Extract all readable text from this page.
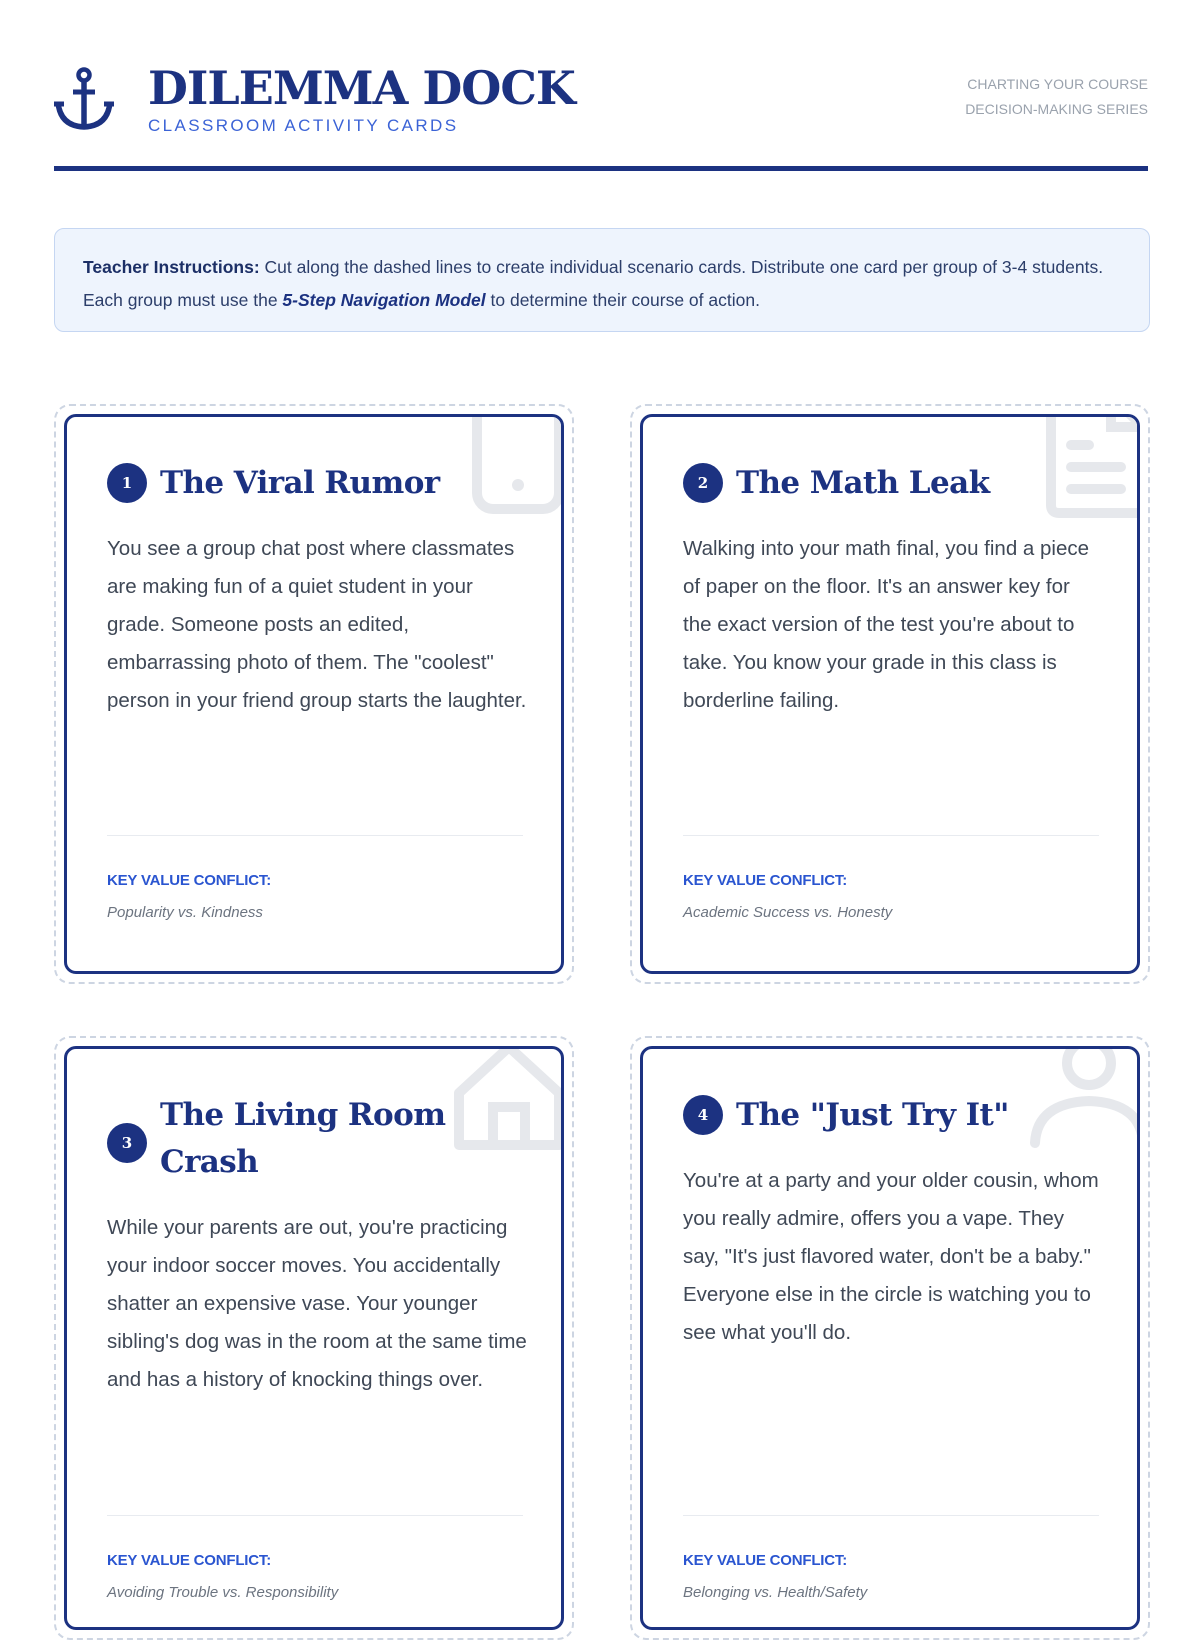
DILEMMA DOCK
CLASSROOM ACTIVITY CARDS
CHARTING YOUR COURSE
DECISION-MAKING SERIES
Teacher Instructions: Cut along the dashed lines to create individual scenario cards. Distribute one card per group of 3-4 students. Each group must use the 5-Step Navigation Model to determine their course of action.
1 The Viral Rumor

You see a group chat post where classmates are making fun of a quiet student in your grade. Someone posts an edited, embarrassing photo of them. The "coolest" person in your friend group starts the laughter.

KEY VALUE CONFLICT:
Popularity vs. Kindness
2 The Math Leak

Walking into your math final, you find a piece of paper on the floor. It's an answer key for the exact version of the test you're about to take. You know your grade in this class is borderline failing.

KEY VALUE CONFLICT:
Academic Success vs. Honesty
3
The Living Room Crash

While your parents are out, you're practicing your indoor soccer moves. You accidentally shatter an expensive vase. Your younger sibling's dog was in the room at the same time and has a history of knocking things over.

KEY VALUE CONFLICT:
Avoiding Trouble vs. Responsibility
4 The "Just Try It"

You're at a party and your older cousin, whom you really admire, offers you a vape. They say, "It's just flavored water, don't be a baby." Everyone else in the circle is watching you to see what you'll do.

KEY VALUE CONFLICT:
Belonging vs. Health/Safety
